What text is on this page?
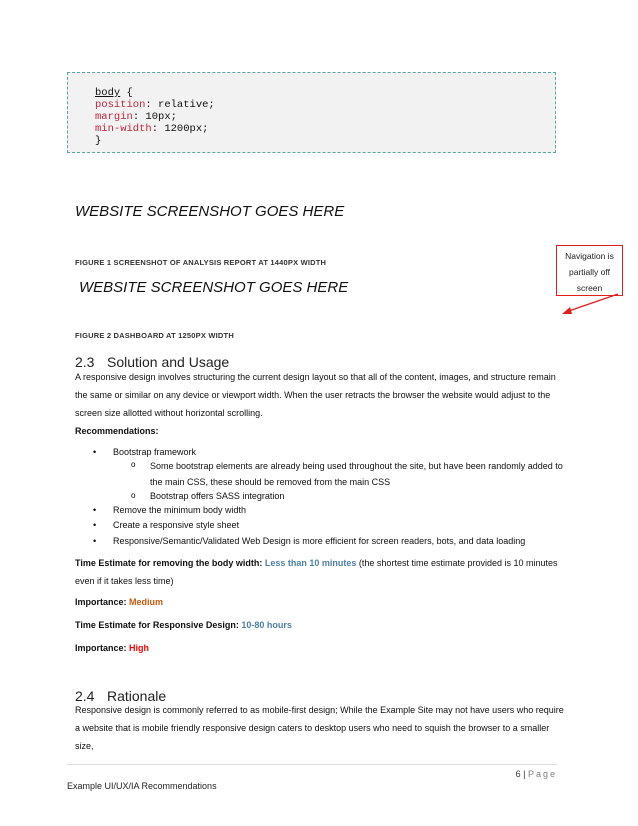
body {
position: relative;
margin: 10px;
min-width: 1200px;
}
WEBSITE SCREENSHOT GOES HERE
FIGURE 1 SCREENSHOT OF ANALYSIS REPORT AT 1440PX WIDTH
WEBSITE SCREENSHOT GOES HERE
Navigation is
partially off
screen
FIGURE 2 DASHBOARD AT 1250PX WIDTH
2.3 Solution and Usage
A responsive design involves structuring the current design layout so that all of the content, images, and structure remain the same or similar on any device or viewport width. When the user retracts the browser the website would adjust to the screen size allotted without horizontal scrolling.
Recommendations:
• Bootstrap framework
o Some bootstrap elements are already being used throughout the site, but have been randomly added to the main CSS, these should be removed from the main CSS
o Bootstrap offers SASS integration
• Remove the minimum body width
• Create a responsive style sheet
• Responsive/Semantic/Validated Web Design is more efficient for screen readers, bots, and data loading
Time Estimate for removing the body width: Less than 10 minutes (the shortest time estimate provided is 10 minutes even if it takes less time)
Importance: Medium
Time Estimate for Responsive Design: 10-80 hours
Importance: High
2.4 Rationale
Responsive design is commonly referred to as mobile-first design; While the Example Site may not have users who require a website that is mobile friendly responsive design caters to desktop users who need to squish the browser to a smaller size,
6 | Page
Example UI/UX/IA Recommendations
